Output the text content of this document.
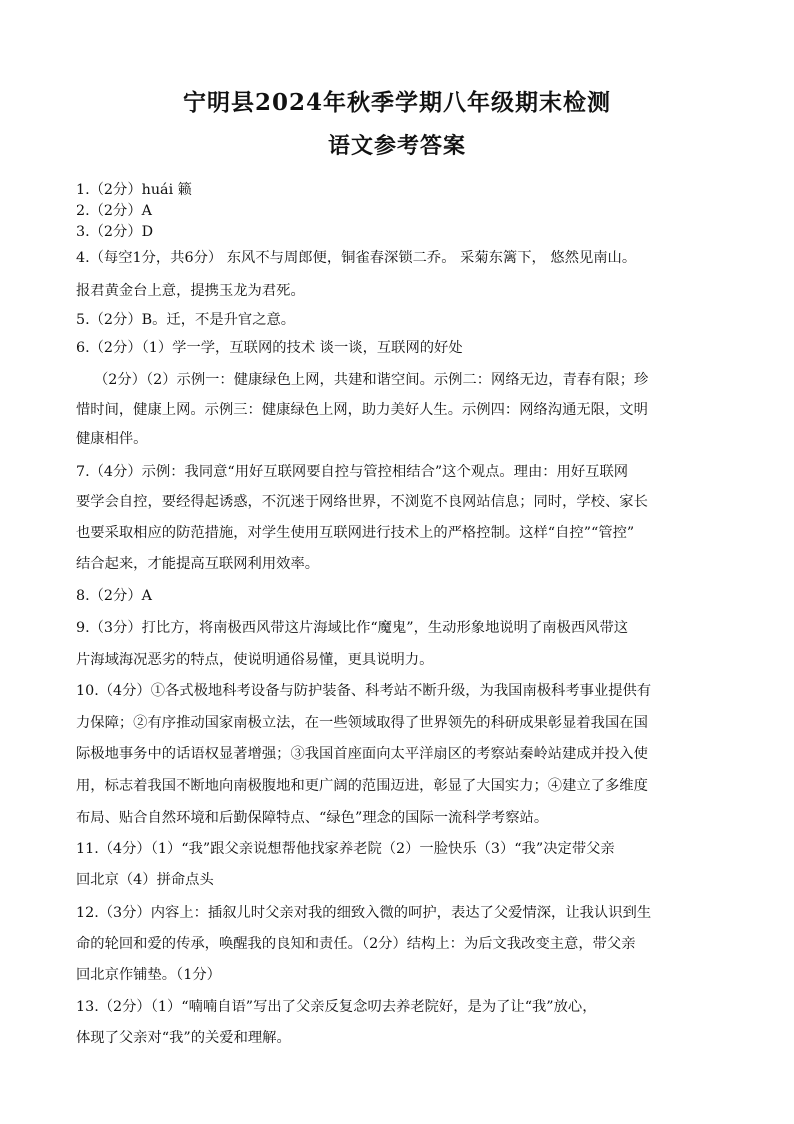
宁明县2024年秋季学期八年级期末检测
语文参考答案
1.（2分）huái 籁
2.（2分）A
3.（2分）D
4.（每空1分，共6分） 东风不与周郎便，铜雀春深锁二乔。 采菊东篱下， 悠然见南山。
报君黄金台上意，提携玉龙为君死。
5.（2分）B。迁，不是升官之意。
6.（2分）（1）学一学，互联网的技术 谈一谈，互联网的好处
（2分）（2）示例一：健康绿色上网，共建和谐空间。示例二：网络无边，青春有限；珍
惜时间，健康上网。示例三：健康绿色上网，助力美好人生。示例四：网络沟通无限，文明
健康相伴。
7.（4分）示例：我同意“用好互联网要自控与管控相结合”这个观点。理由：用好互联网
要学会自控，要经得起诱惑，不沉迷于网络世界，不浏览不良网站信息；同时，学校、家长
也要采取相应的防范措施，对学生使用互联网进行技术上的严格控制。这样“自控”“管控”
结合起来，才能提高互联网利用效率。
8.（2分）A
9.（3分）打比方，将南极西风带这片海域比作“魔鬼”，生动形象地说明了南极西风带这
片海域海况恶劣的特点，使说明通俗易懂，更具说明力。
10.（4分）①各式极地科考设备与防护装备、科考站不断升级，为我国南极科考事业提供有
力保障；②有序推动国家南极立法，在一些领域取得了世界领先的科研成果彰显着我国在国
际极地事务中的话语权显著增强；③我国首座面向太平洋扇区的考察站秦岭站建成并投入使
用，标志着我国不断地向南极腹地和更广阔的范围迈进，彰显了大国实力；④建立了多维度
布局、贴合自然环境和后勤保障特点、“绿色”理念的国际一流科学考察站。
11.（4分）（1）“我”跟父亲说想帮他找家养老院（2）一脸快乐（3）“我”决定带父亲
回北京（4）拼命点头
12.（3分）内容上：插叙儿时父亲对我的细致入微的呵护，表达了父爱情深，让我认识到生
命的轮回和爱的传承，唤醒我的良知和责任。（2分）结构上：为后文我改变主意，带父亲
回北京作铺垫。（1分）
13.（2分）（1）“喃喃自语”写出了父亲反复念叨去养老院好，是为了让“我”放心，
体现了父亲对“我”的关爱和理解。
